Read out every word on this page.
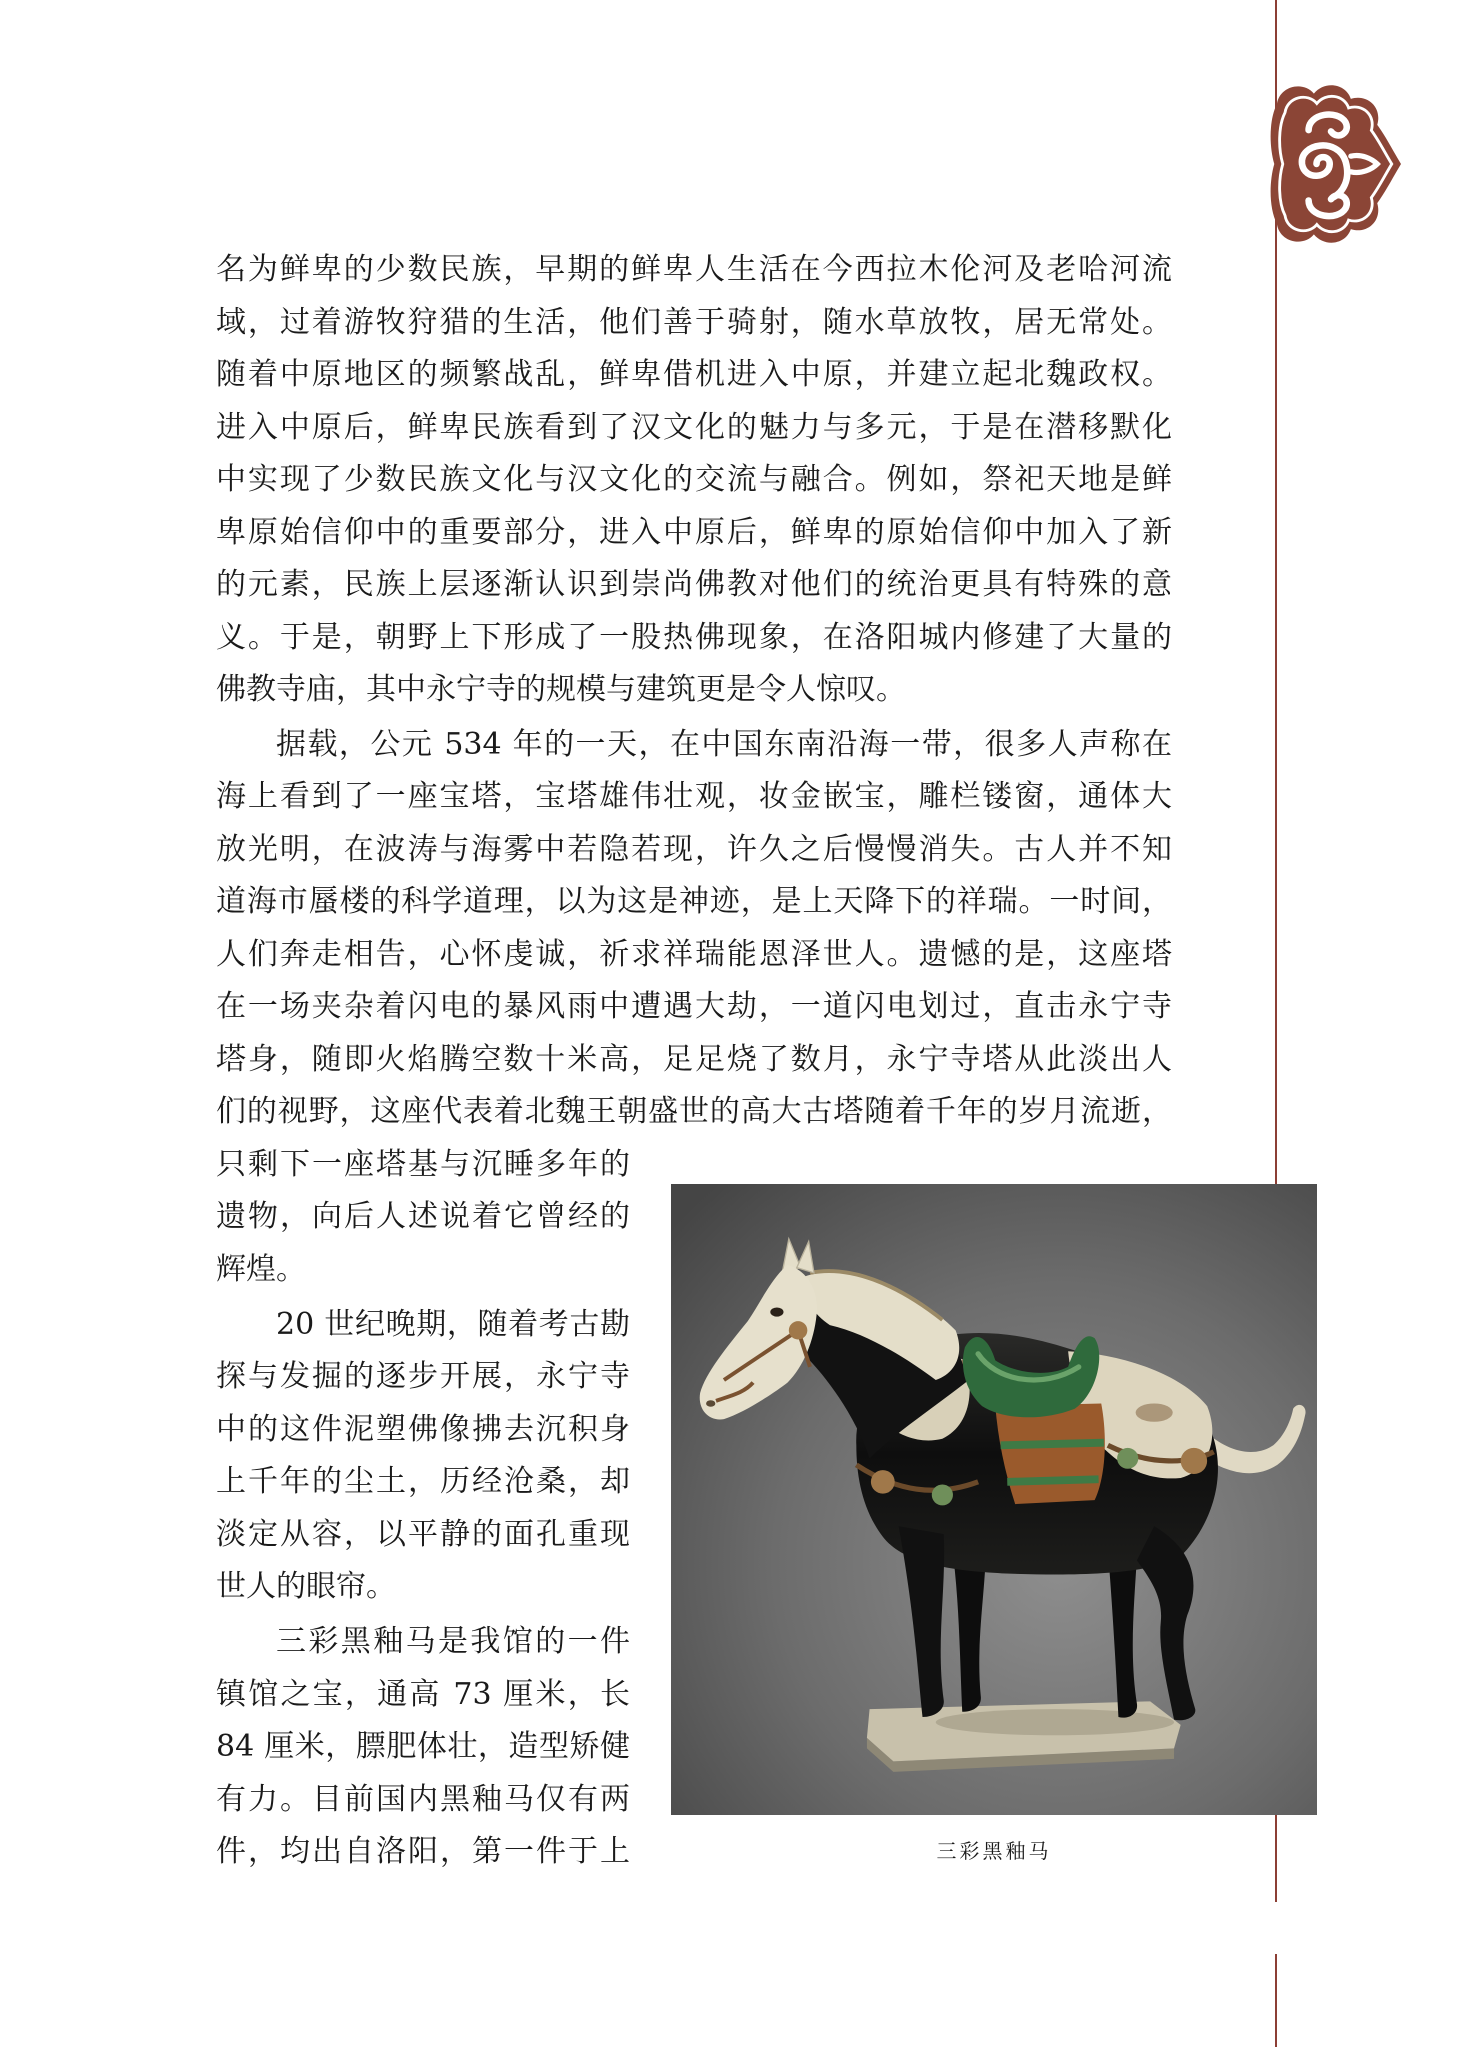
名为鲜卑的少数民族，早期的鲜卑人生活在今西拉木伦河及老哈河流
域，过着游牧狩猎的生活，他们善于骑射，随水草放牧，居无常处。
随着中原地区的频繁战乱，鲜卑借机进入中原，并建立起北魏政权。
进入中原后，鲜卑民族看到了汉文化的魅力与多元，于是在潜移默化
中实现了少数民族文化与汉文化的交流与融合。例如，祭祀天地是鲜
卑原始信仰中的重要部分，进入中原后，鲜卑的原始信仰中加入了新
的元素，民族上层逐渐认识到崇尚佛教对他们的统治更具有特殊的意
义。于是，朝野上下形成了一股热佛现象，在洛阳城内修建了大量的
佛教寺庙，其中永宁寺的规模与建筑更是令人惊叹。
据载，公元 534 年的一天，在中国东南沿海一带，很多人声称在
海上看到了一座宝塔，宝塔雄伟壮观，妆金嵌宝，雕栏镂窗，通体大
放光明，在波涛与海雾中若隐若现，许久之后慢慢消失。古人并不知
道海市蜃楼的科学道理，以为这是神迹，是上天降下的祥瑞。一时间，
人们奔走相告，心怀虔诚，祈求祥瑞能恩泽世人。遗憾的是，这座塔
在一场夹杂着闪电的暴风雨中遭遇大劫，一道闪电划过，直击永宁寺
塔身，随即火焰腾空数十米高，足足烧了数月，永宁寺塔从此淡出人
们的视野，这座代表着北魏王朝盛世的高大古塔随着千年的岁月流逝，
只剩下一座塔基与沉睡多年的
遗物，向后人述说着它曾经的
辉煌。
20 世纪晚期，随着考古勘
探与发掘的逐步开展，永宁寺
中的这件泥塑佛像拂去沉积身
上千年的尘土，历经沧桑，却
淡定从容，以平静的面孔重现
世人的眼帘。
三彩黑釉马是我馆的一件
镇馆之宝，通高 73 厘米，长
84 厘米，膘肥体壮，造型矫健
有力。目前国内黑釉马仅有两
件，均出自洛阳，第一件于上	三彩黑釉马
